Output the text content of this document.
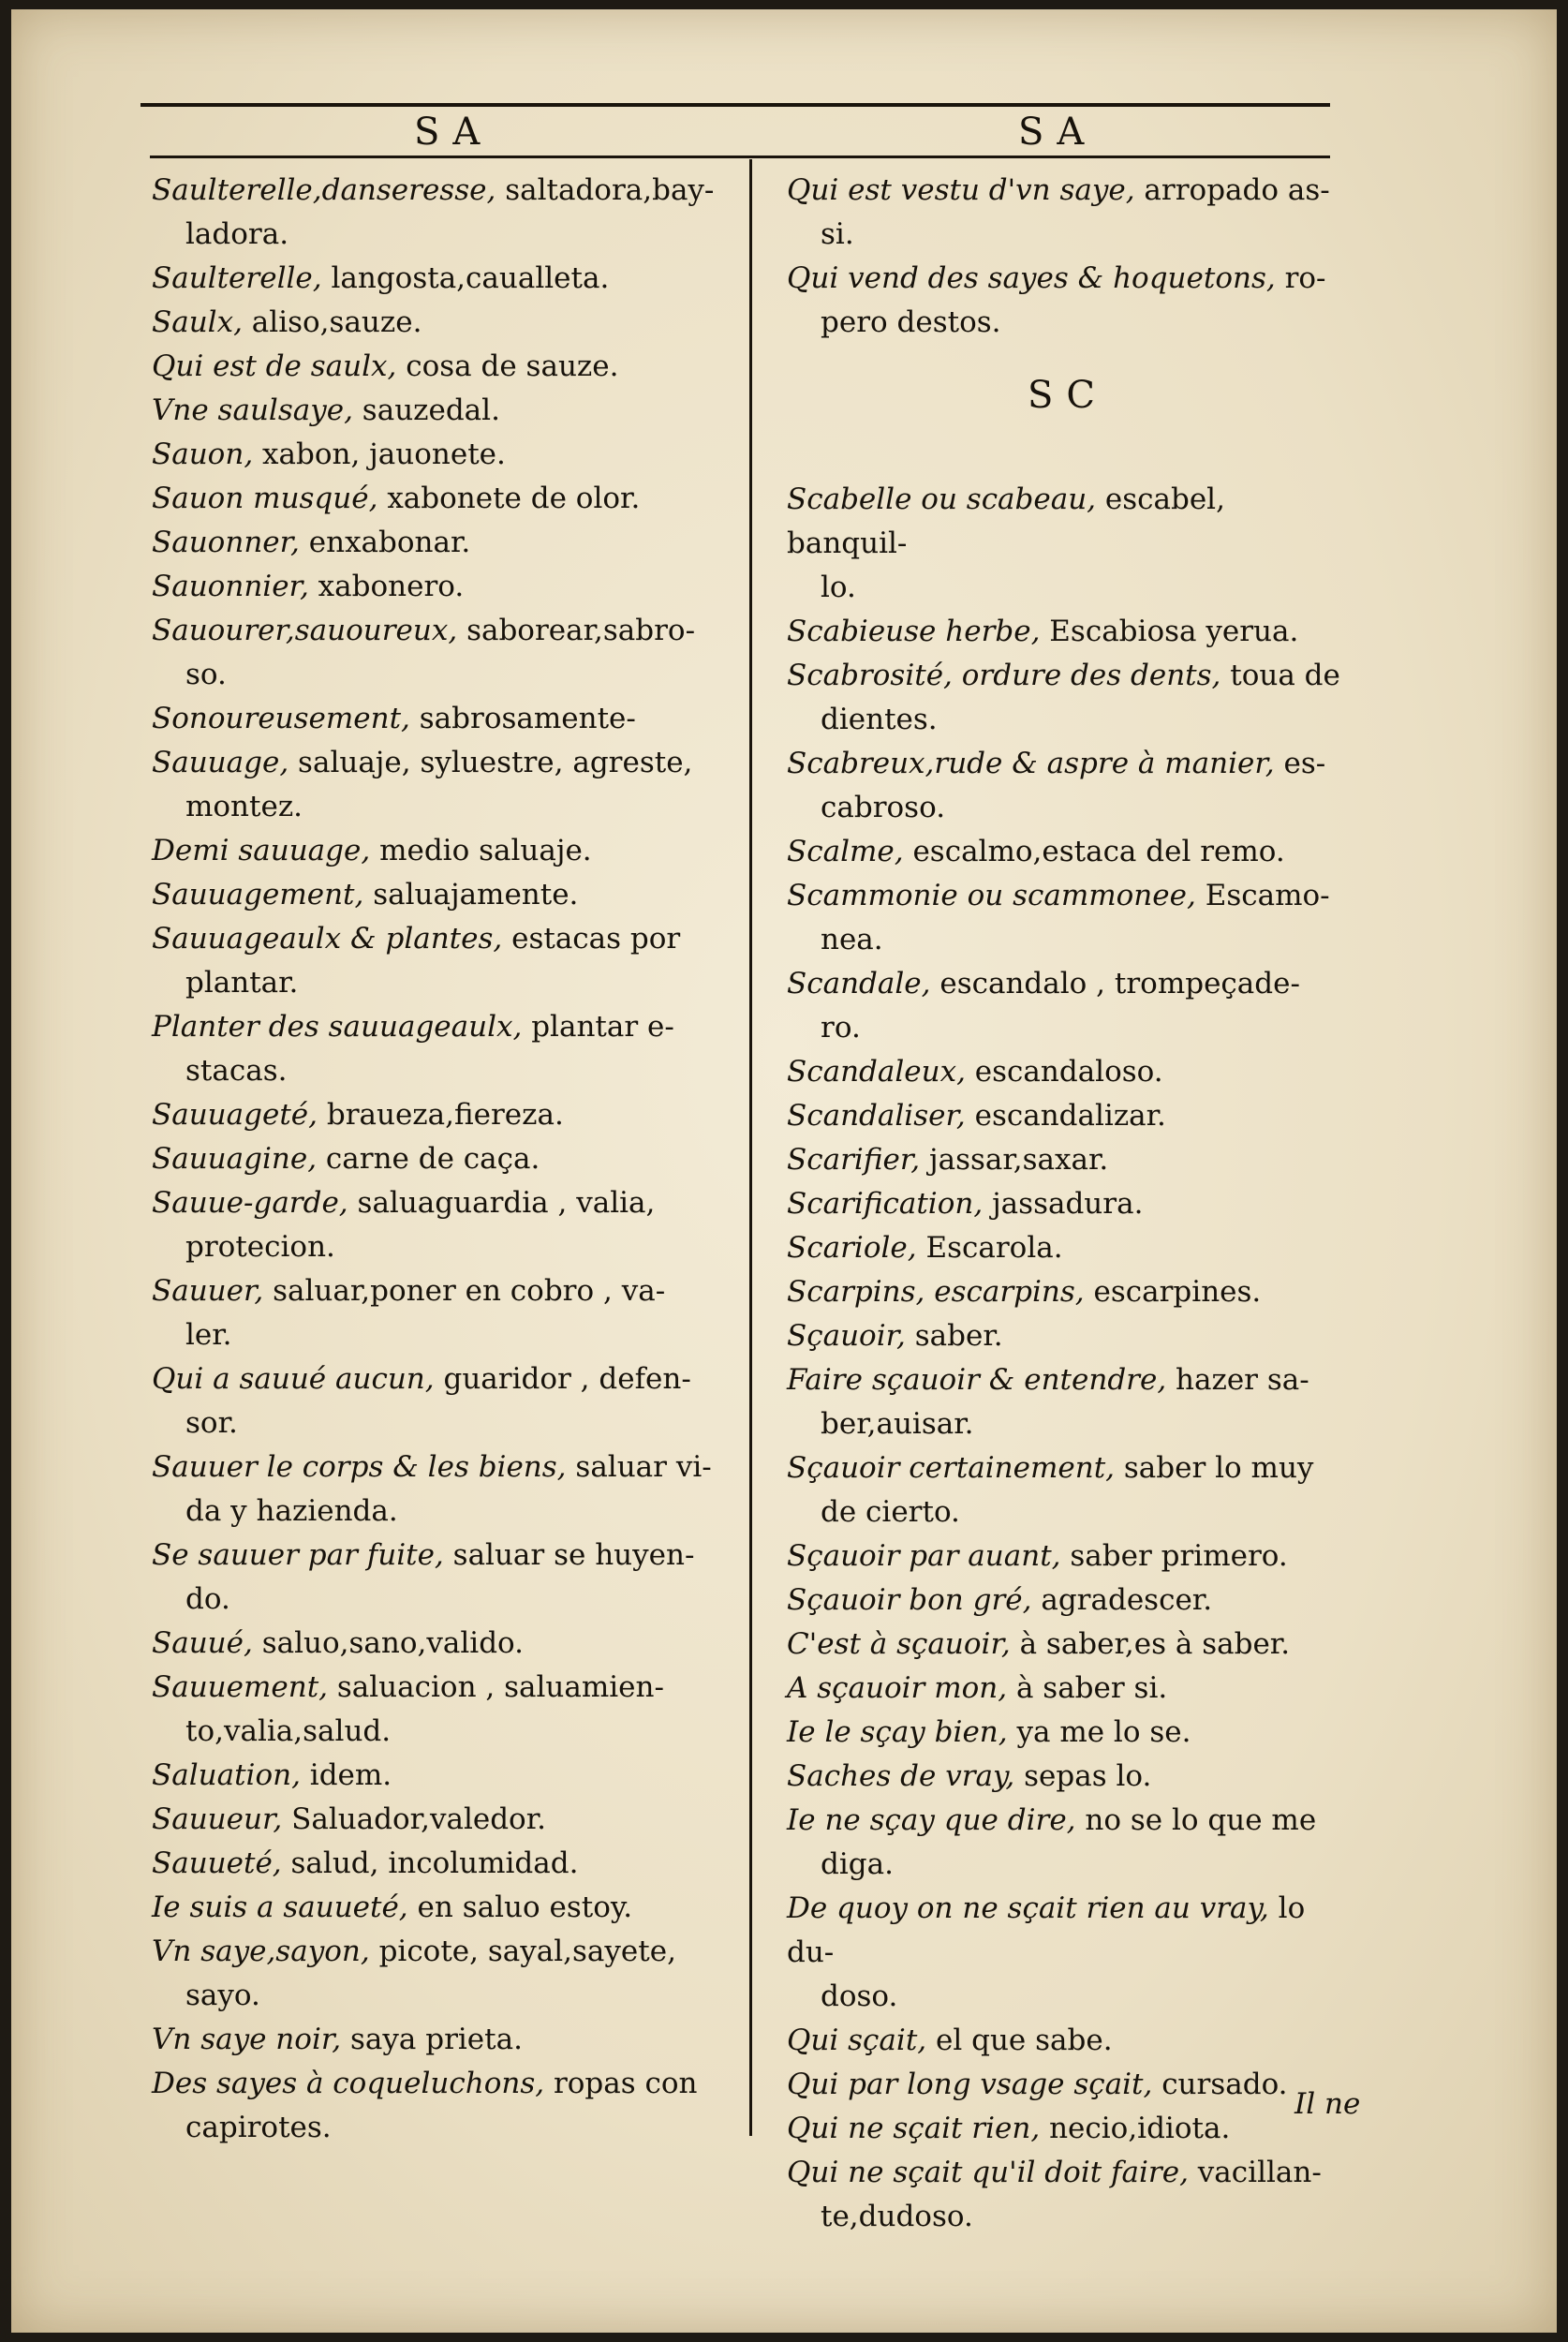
SA	SA
Saulterelle,danseresse, saltadora,bay-
ladora.
Saulterelle, langosta,caualleta.
Saulx, aliso,sauze.
Qui est de saulx, cosa de sauze.
Vne saulsaye, sauzedal.
Sauon, xabon, jauonete.
Sauon musqué, xabonete de olor.
Sauonner, enxabonar.
Sauonnier, xabonero.
Sauourer,sauoureux, saborear,sabro-
so.
Sonoureusement, sabrosamente-
Sauuage, saluaje, syluestre, agreste,
montez.
Demi sauuage, medio saluaje.
Sauuagement, saluajamente.
Sauuageaulx & plantes, estacas por
plantar.
Planter des sauuageaulx, plantar e-
stacas.
Sauuageté, braueza,fiereza.
Sauuagine, carne de caça.
Sauue-garde, saluaguardia , valia,
protecion.
Sauuer, saluar,poner en cobro , va-
ler.
Qui a sauué aucun, guaridor , defen-
sor.
Sauuer le corps & les biens, saluar vi-
da y hazienda.
Se sauuer par fuite, saluar se huyen-
do.
Sauué, saluo,sano,valido.
Sauuement, saluacion , saluamien-
to,valia,salud.
Saluation, idem.
Sauueur, Saluador,valedor.
Sauueté, salud, incolumidad.
Ie suis a sauueté, en saluo estoy.
Vn saye,sayon, picote, sayal,sayete,
sayo.
Vn saye noir, saya prieta.
Des sayes à coqueluchons, ropas con
capirotes.
Qui est vestu d'vn saye, arropado as-
si.
Qui vend des sayes & hoquetons, ro-
pero destos.
SC
Scabelle ou scabeau, escabel, banquil-
lo.
Scabieuse herbe, Escabiosa yerua.
Scabrosité, ordure des dents, toua de
dientes.
Scabreux,rude & aspre à manier, es-
cabroso.
Scalme, escalmo,estaca del remo.
Scammonie ou scammonee, Escamo-
nea.
Scandale, escandalo , trompeçade-
ro.
Scandaleux, escandaloso.
Scandaliser, escandalizar.
Scarifier, jassar,saxar.
Scarification, jassadura.
Scariole, Escarola.
Scarpins, escarpins, escarpines.
Sçauoir, saber.
Faire sçauoir & entendre, hazer sa-
ber,auisar.
Sçauoir certainement, saber lo muy
de cierto.
Sçauoir par auant, saber primero.
Sçauoir bon gré, agradescer.
C'est à sçauoir, à saber,es à saber.
A sçauoir mon, à saber si.
Ie le sçay bien, ya me lo se.
Saches de vray, sepas lo.
Ie ne sçay que dire, no se lo que me
diga.
De quoy on ne sçait rien au vray, lo du-
doso.
Qui sçait, el que sabe.
Qui par long vsage sçait, cursado.
Qui ne sçait rien, necio,idiota.
Qui ne sçait qu'il doit faire, vacillan-
te,dudoso.
Il ne
